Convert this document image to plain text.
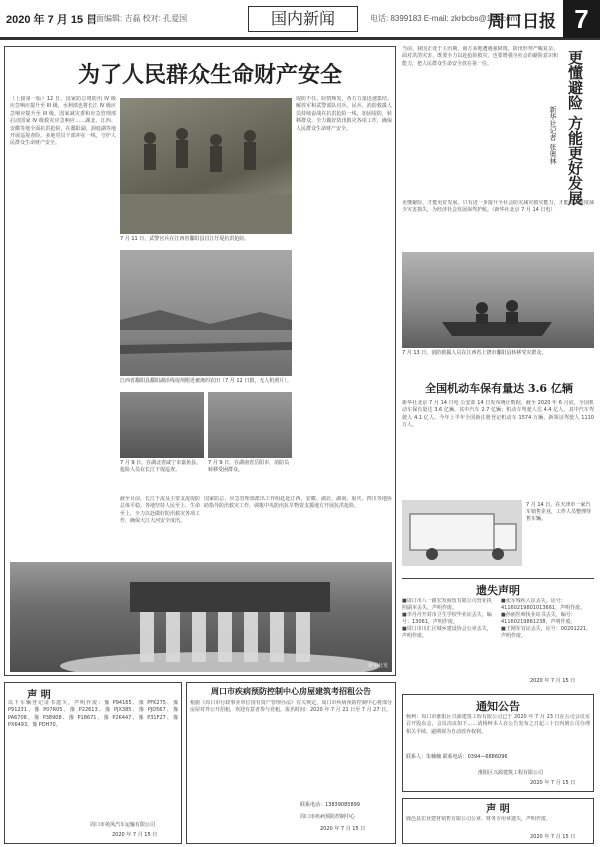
2020 年 7 月 15 日
版面编辑: 吉磊 校对: 孔爱国	国内新闻	电话: 8399183 E-mail: zkrbcbs@126.com
周口日报 7
为了人民群众生命财产安全
（上接第一版）12 日，国家防总将防汛 IV 级应急响应提升至 III 级，水利部也将长江 IV 级应急响应提升至 III 级。国家减灾委和应急管理部启动国家 IV 级救灾应急响应……湖北、江西、安徽等地全面抗洪抢险，在鄱阳湖、洞庭湖等地开展巡堤查险。多地党员干部冲在一线，守护人民群众生命财产安全。
7 月 11 日，武警官兵在江西省鄱阳县昌江圩堤抗洪抢险。
堤防不住、险情频发，各方力量迅速集结。解放军和武警部队官兵、民兵、消防救援人员持续奋战在抗洪抢险一线，加固堤防，转移群众，全力做好防汛救灾各项工作，确保人民群众生命财产安全。
江西省鄱阳县鄱阳湖沿线堤坝附近被淹的农田（7 月 12 日摄，无人机照片）。
7 月 9 日，在湖北省咸宁市嘉鱼县，抢险人员在长江干堤巡查。
7 月 9 日，在湖南省岳阳市，消防员转移受困群众。
截至目前，长江干流及主要支流堤防总体平稳。各地坚持人民至上、生命至上，全力以赴做好防汛救灾各项工作，确保大江大河安全度汛。
国家防总、应急管理部派出工作组赶赴江西、安徽、湖北、湖南、重庆、四川等地协助指导防汛救灾工作，调拨中央防汛抗旱物资支援地方开展抗洪抢险。
新华社发
当前，我国正处于主汛期，南方多地遭遇强降雨，防汛形势严峻复杂。面对洪涝灾害，既要全力以赴抢险救灾，也要增强全社会的避险意识和能力，把人民群众生命安全放在第一位。	更懂避险 方能更好发展
新华社记者 张奥林
更懂避险，才能更好发展。只有进一步提升全社会防灾减灾救灾能力，才能最大限度减少灾害损失，为经济社会发展保驾护航。（新华社北京 7 月 14 日电）
7 月 13 日，消防救援人员在江西省上饶市鄱阳县转移受灾群众。
全国机动车保有量达 3.6 亿辆
新华社北京 7 月 14 日电 公安部 14 日发布统计数据，截至 2020 年 6 月底，全国机动车保有量达 3.6 亿辆，其中汽车 2.7 亿辆；机动车驾驶人达 4.4 亿人，其中汽车驾驶人 4.1 亿人。今年上半年全国新注册登记机动车 1574 万辆，新领证驾驶人 1110 万人。
7 月 14 日，在天津市一家汽车销售企业，工作人员整理待售车辆。
遗失声明
■周口市八一路宏发商贸有限公司营业执照副本丢失，声明作废。
■李丹丹开封市卫生学校毕业证丢失，编号：13061，声明作废。
■周口市川汇区城乡建设协会公章丢失，声明作废。
■张军残疾人证丢失，证号：41160219801013661，声明作废。
■孙丽医师执业证书丢失，编号：41160219861238，声明作废。
■王刚军官证丢失，证号：00201221，声明作废。
2020 年 7 月 15 日
通知公告
杨柯：周口市淮阳区兴源建筑工程有限公司已于 2020 年 7 月 23 日在公司会议室召开股东会，会议决议如下……请杨柯本人在公告发布之日起三十日内到公司办理相关手续，逾期视为自动放弃权利。
联系人：朱楠楠 联系电话：0394—6886096
淮阳区兴源建筑工程有限公司
2020 年 7 月 15 日
声 明
以下车辆登记证书遗失，声明作废：豫 P94165、豫 PFK275、豫 P91231、豫 P07R05、豫 P22613、豫 PJX385、豫 PJD567、豫 PA6708、豫 P38908、豫 P18671、豫 P2K447、豫 P31F27、豫 PX6493、豫 PDH70。
周口市苑风汽车运输有限公司
2020 年 7 月 15 日
周口市疾病预防控制中心房屋建筑考招租公告
根据《周口市行政事业单位国有资产管理办法》有关规定，周口市疾病预防控制中心将部分房屋对外公开招租，欢迎有意者参与竞租。报名时间：2020 年 7 月 21 日至 7 月 27 日。
联系电话：13839085899
周口市疾病预防控制中心
2020 年 7 月 15 日
声 明
鹿邑县宏业建材销售有限公司公章、财务专用章遗失，声明作废。
2020 年 7 月 15 日
